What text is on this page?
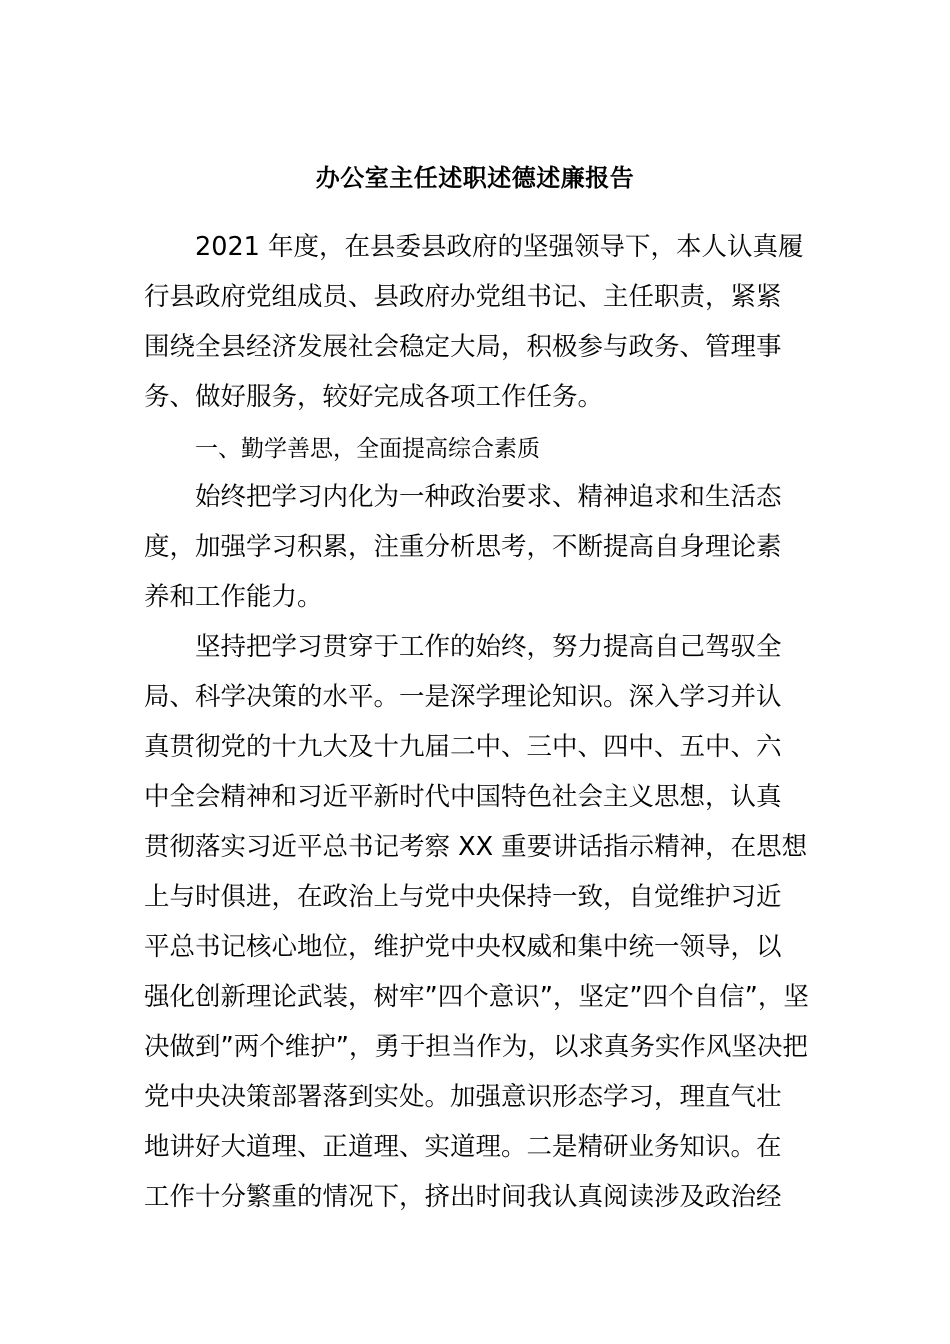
办公室主任述职述德述廉报告
2021 年度，在县委县政府的坚强领导下，本人认真履
行县政府党组成员、县政府办党组书记、主任职责，紧紧
围绕全县经济发展社会稳定大局，积极参与政务、管理事
务、做好服务，较好完成各项工作任务。
一、勤学善思，全面提高综合素质
始终把学习内化为一种政治要求、精神追求和生活态
度，加强学习积累，注重分析思考，不断提高自身理论素
养和工作能力。
坚持把学习贯穿于工作的始终，努力提高自己驾驭全
局、科学决策的水平。一是深学理论知识。深入学习并认
真贯彻党的十九大及十九届二中、三中、四中、五中、六
中全会精神和习近平新时代中国特色社会主义思想，认真
贯彻落实习近平总书记考察 XX 重要讲话指示精神，在思想
上与时俱进，在政治上与党中央保持一致，自觉维护习近
平总书记核心地位，维护党中央权威和集中统一领导，以
强化创新理论武装，树牢”四个意识”，坚定”四个自信”，坚
决做到”两个维护”，勇于担当作为，以求真务实作风坚决把
党中央决策部署落到实处。加强意识形态学习，理直气壮
地讲好大道理、正道理、实道理。二是精研业务知识。在
工作十分繁重的情况下，挤出时间我认真阅读涉及政治经
